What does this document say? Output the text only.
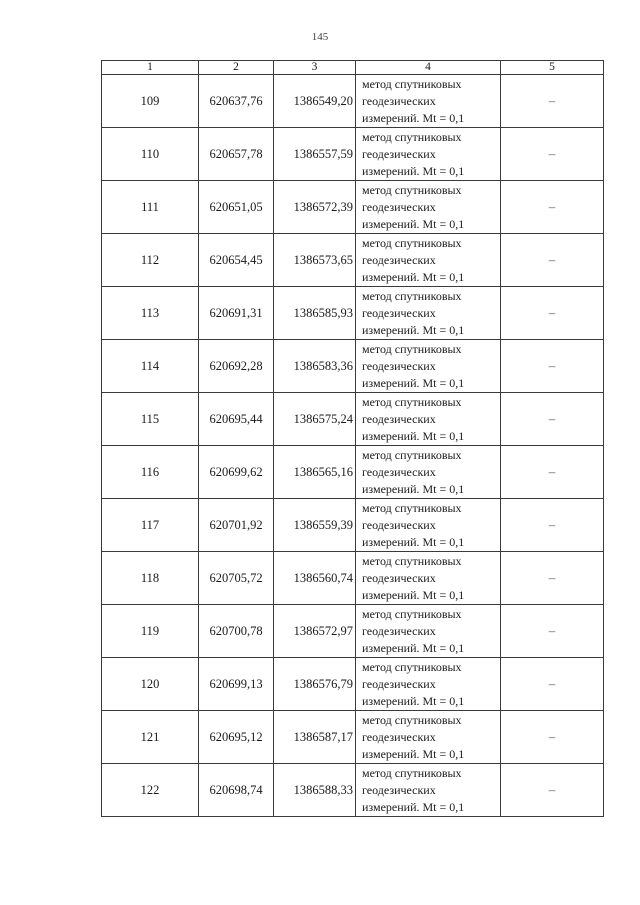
145
1	2	3	4	5
109	620637,76	1386549,20	метод спутниковых
геодезических
измерений. Mt = 0,1	–
110	620657,78	1386557,59	метод спутниковых
геодезических
измерений. Mt = 0,1	–
111	620651,05	1386572,39	метод спутниковых
геодезических
измерений. Mt = 0,1	–
112	620654,45	1386573,65	метод спутниковых
геодезических
измерений. Mt = 0,1	–
113	620691,31	1386585,93	метод спутниковых
геодезических
измерений. Mt = 0,1	–
114	620692,28	1386583,36	метод спутниковых
геодезических
измерений. Mt = 0,1	–
115	620695,44	1386575,24	метод спутниковых
геодезических
измерений. Mt = 0,1	–
116	620699,62	1386565,16	метод спутниковых
геодезических
измерений. Mt = 0,1	–
117	620701,92	1386559,39	метод спутниковых
геодезических
измерений. Mt = 0,1	–
118	620705,72	1386560,74	метод спутниковых
геодезических
измерений. Mt = 0,1	–
119	620700,78	1386572,97	метод спутниковых
геодезических
измерений. Mt = 0,1	–
120	620699,13	1386576,79	метод спутниковых
геодезических
измерений. Mt = 0,1	–
121	620695,12	1386587,17	метод спутниковых
геодезических
измерений. Mt = 0,1	–
122	620698,74	1386588,33	метод спутниковых
геодезических
измерений. Mt = 0,1	–
